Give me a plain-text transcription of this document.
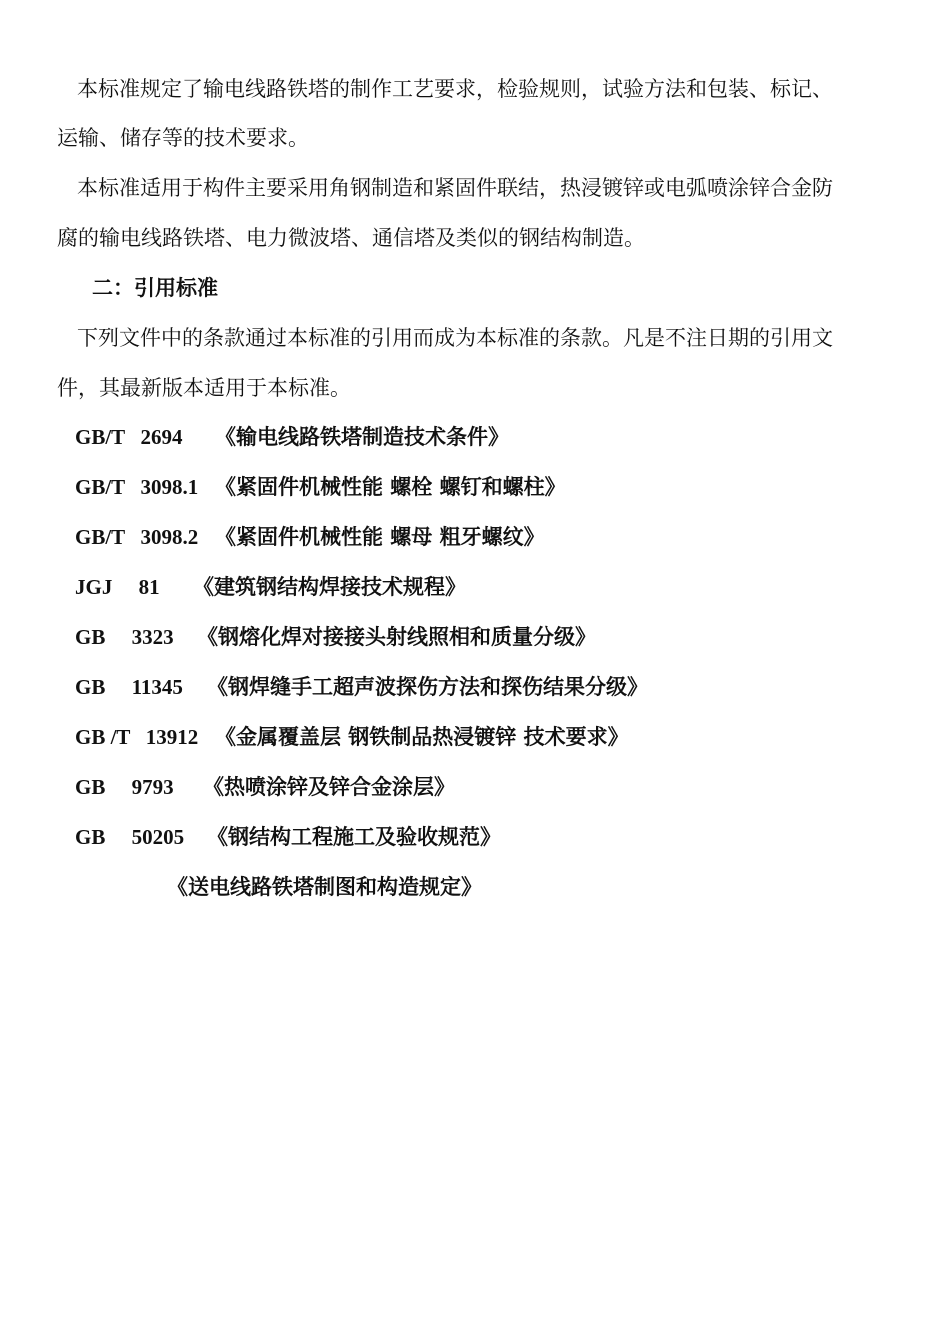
本标准规定了输电线路铁塔的制作工艺要求，检验规则，试验方法和包装、标记、
运输、储存等的技术要求。
本标准适用于构件主要采用角钢制造和紧固件联结，热浸镀锌或电弧喷涂锌合金防
腐的输电线路铁塔、电力微波塔、通信塔及类似的钢结构制造。
二：引用标准
下列文件中的条款通过本标准的引用而成为本标准的条款。凡是不注日期的引用文
件，其最新版本适用于本标准。
GB/T   2694 《输电线路铁塔制造技术条件》
GB/T   3098.1 《紧固件机械性能 螺栓 螺钉和螺柱》
GB/T   3098.2 《紧固件机械性能 螺母 粗牙螺纹》
JGJ     81 《建筑钢结构焊接技术规程》
GB     3323 《钢熔化焊对接接头射线照相和质量分级》
GB     11345 《钢焊缝手工超声波探伤方法和探伤结果分级》
GB /T   13912 《金属覆盖层 钢铁制品热浸镀锌 技术要求》
GB     9793 《热喷涂锌及锌合金涂层》
GB     50205 《钢结构工程施工及验收规范》
《送电线路铁塔制图和构造规定》
